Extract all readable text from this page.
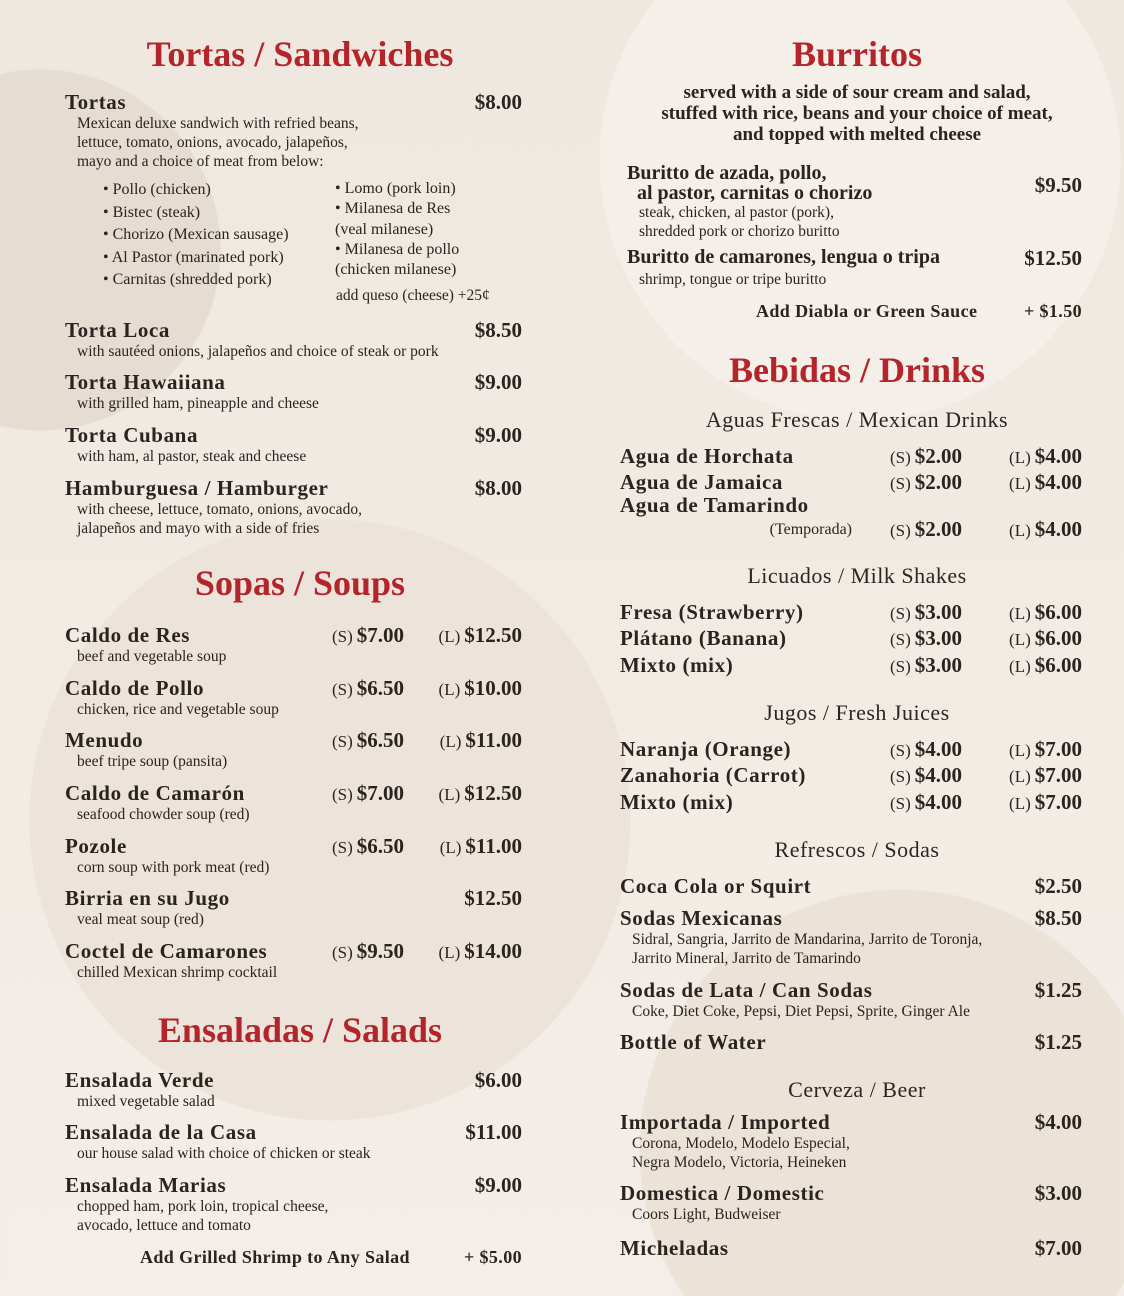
Tortas / Sandwiches
Tortas	$8.00
Mexican deluxe sandwich with refried beans,
lettuce, tomato, onions, avocado, jalapeños,
mayo and a choice of meat from below:
• Pollo (chicken)
• Bistec (steak)
• Chorizo (Mexican sausage)
• Al Pastor (marinated pork)
• Carnitas (shredded pork)
• Lomo (pork loin)
• Milanesa de Res
(veal milanese)
• Milanesa de pollo
(chicken milanese)
add queso (cheese) +25¢
Torta Loca	$8.50
with sautéed onions, jalapeños and choice of steak or pork
Torta Hawaiiana	$9.00
with grilled ham, pineapple and cheese
Torta Cubana	$9.00
with ham, al pastor, steak and cheese
Hamburguesa / Hamburger	$8.00
with cheese, lettuce, tomato, onions, avocado,
jalapeños and mayo with a side of fries
Sopas / Soups
Caldo de Res	(S) $7.00 (L) $12.50
beef and vegetable soup
Caldo de Pollo	(S) $6.50 (L) $10.00
chicken, rice and vegetable soup
Menudo	(S) $6.50 (L) $11.00
beef tripe soup (pansita)
Caldo de Camarón	(S) $7.00 (L) $12.50
seafood chowder soup (red)
Pozole	(S) $6.50 (L) $11.00
corn soup with pork meat (red)
Birria en su Jugo	$12.50
veal meat soup (red)
Coctel de Camarones	(S) $9.50 (L) $14.00
chilled Mexican shrimp cocktail
Ensaladas / Salads
Ensalada Verde	$6.00
mixed vegetable salad
Ensalada de la Casa	$11.00
our house salad with choice of chicken or steak
Ensalada Marias	$9.00
chopped ham, pork loin, tropical cheese,
avocado, lettuce and tomato
Add Grilled Shrimp to Any Salad	+ $5.00
Burritos
served with a side of sour cream and salad,
stuffed with rice, beans and your choice of meat,
and topped with melted cheese
Buritto de azada, pollo,
al pastor, carnitas o chorizo	$9.50
steak, chicken, al pastor (pork),
shredded pork or chorizo buritto
Buritto de camarones, lengua o tripa	$12.50
shrimp, tongue or tripe buritto
Add Diabla or Green Sauce	+ $1.50
Bebidas / Drinks
Aguas Frescas / Mexican Drinks
Agua de Horchata	(S) $2.00	(L) $4.00
Agua de Jamaica	(S) $2.00	(L) $4.00
Agua de Tamarindo
(S) $2.00	(L) $4.00
(Temporada)
Licuados / Milk Shakes
Fresa (Strawberry)	(S) $3.00	(L) $6.00
Plátano (Banana)	(S) $3.00	(L) $6.00
Mixto (mix)	(S) $3.00	(L) $6.00
Jugos / Fresh Juices
Naranja (Orange)	(S) $4.00	(L) $7.00
Zanahoria (Carrot)	(S) $4.00	(L) $7.00
Mixto (mix)	(S) $4.00	(L) $7.00
Refrescos / Sodas
Coca Cola or Squirt	$2.50
Sodas Mexicanas	$8.50
Sidral, Sangria, Jarrito de Mandarina, Jarrito de Toronja,
Jarrito Mineral, Jarrito de Tamarindo
Sodas de Lata / Can Sodas	$1.25
Coke, Diet Coke, Pepsi, Diet Pepsi, Sprite, Ginger Ale
Bottle of Water	$1.25
Cerveza / Beer
Importada / Imported	$4.00
Corona, Modelo, Modelo Especial,
Negra Modelo, Victoria, Heineken
Domestica / Domestic	$3.00
Coors Light, Budweiser
Micheladas	$7.00
